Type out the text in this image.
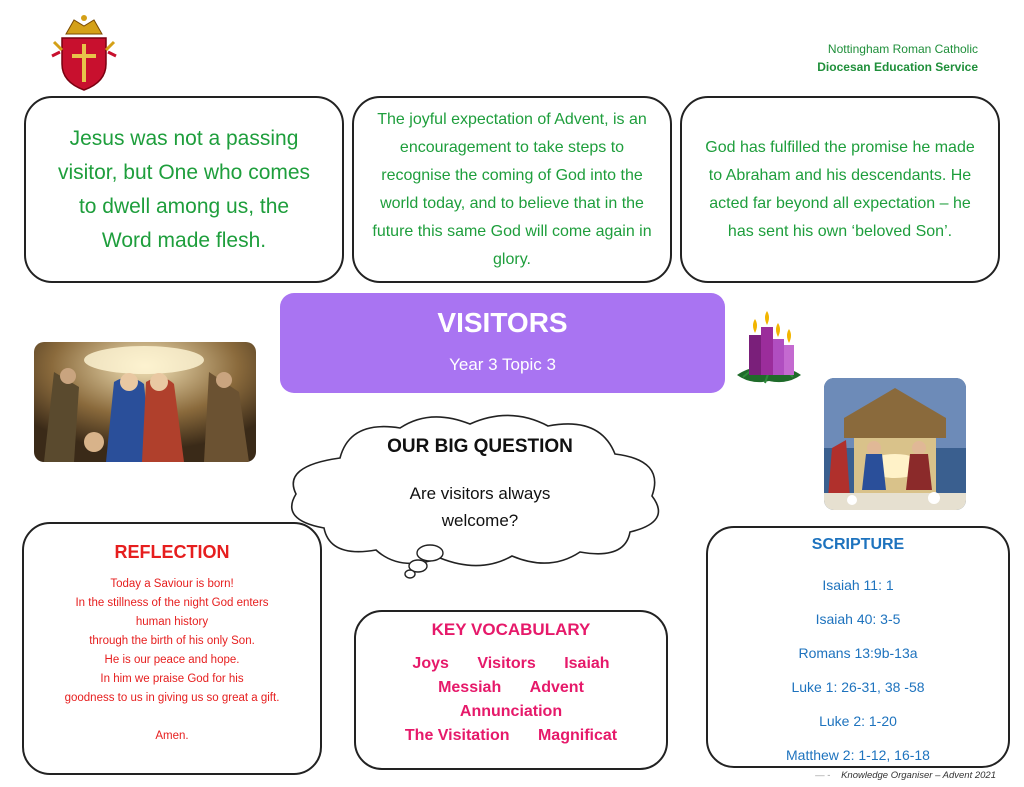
Nottingham Roman Catholic
Diocesan Education Service
Jesus was not a passing visitor, but One who comes to dwell among us, the Word made flesh.
The joyful expectation of Advent, is an encouragement to take steps to recognise the coming of God into the world today, and to believe that in the future this same God will come again in glory.
God has fulfilled the promise he made to Abraham and his descendants. He acted far beyond all expectation – he has sent his own ‘beloved Son’.
VISITORS
Year 3 Topic 3
OUR BIG QUESTION
Are visitors always
welcome?
REFLECTION
Today a Saviour is born!
In the stillness of the night God enters
human history
through the birth of his only Son.
He is our peace and hope.
In him we praise God for his
goodness to us in giving us so great a gift.

Amen.
KEY VOCABULARY
Joys Visitors Isaiah
Messiah Advent
Annunciation
The Visitation Magnificat
SCRIPTURE
Isaiah 11: 1
Isaiah 40: 3-5
Romans 13:9b-13a
Luke 1: 26-31, 38 -58
Luke 2: 1-20
Matthew 2: 1-12, 16-18
— - Knowledge Organiser – Advent 2021
